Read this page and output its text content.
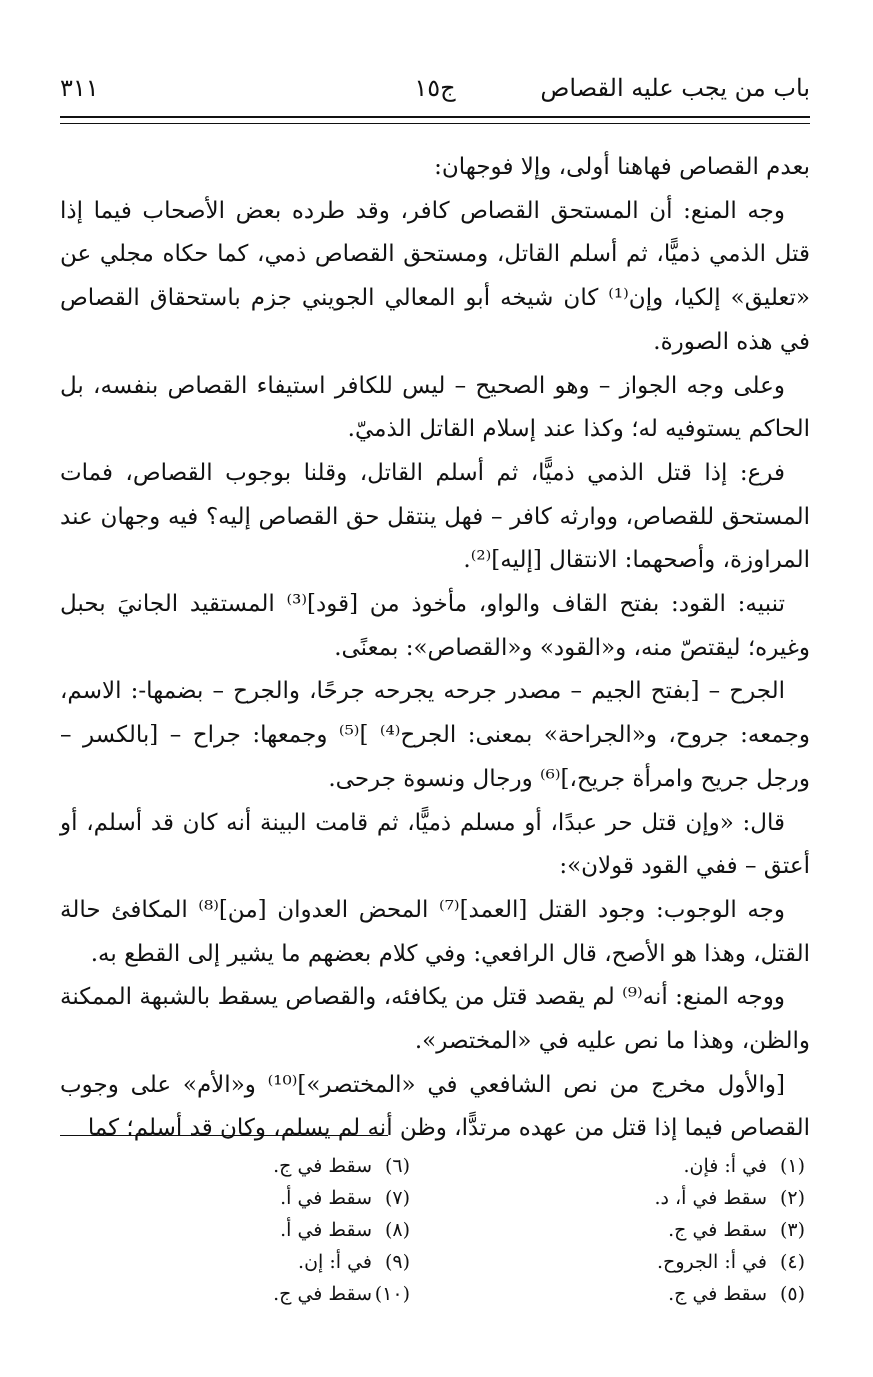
باب من يجب عليه القصاص
ج١٥
٣١١

بعدم القصاص فهاهنا أولى، وإلا فوجهان:

وجه المنع: أن المستحق القصاص كافر، وقد طرده بعض الأصحاب فيما إذا قتل الذمي ذميًّا، ثم أسلم القاتل، ومستحق القصاص ذمي، كما حكاه مجلي عن «تعليق» إلكيا، وإن⁽¹⁾ كان شيخه أبو المعالي الجويني جزم باستحقاق القصاص في هذه الصورة.

وعلى وجه الجواز – وهو الصحيح – ليس للكافر استيفاء القصاص بنفسه، بل الحاكم يستوفيه له؛ وكذا عند إسلام القاتل الذميّ.

فرع: إذا قتل الذمي ذميًّا، ثم أسلم القاتل، وقلنا بوجوب القصاص، فمات المستحق للقصاص، ووارثه كافر – فهل ينتقل حق القصاص إليه؟ فيه وجهان عند المراوزة، وأصحهما: الانتقال [إليه]⁽²⁾.

تنبيه: القود: بفتح القاف والواو، مأخوذ من [قود]⁽³⁾ المستقيد الجانيَ بحبل وغيره؛ ليقتصّ منه، و«القود» و«القصاص»: بمعنًى.

الجرح – [بفتح الجيم – مصدر جرحه يجرحه جرحًا، والجرح – بضمها-: الاسم، وجمعه: جروح، و«الجراحة» بمعنى: الجرح⁽⁴⁾ ]⁽⁵⁾ وجمعها: جراح – [بالكسر – ورجل جريح وامرأة جريح،]⁽⁶⁾ ورجال ونسوة جرحى.

قال: «وإن قتل حر عبدًا، أو مسلم ذميًّا، ثم قامت البينة أنه كان قد أسلم، أو أعتق – ففي القود قولان»:

وجه الوجوب: وجود القتل [العمد]⁽⁷⁾ المحض العدوان [من]⁽⁸⁾ المكافئ حالة القتل، وهذا هو الأصح، قال الرافعي: وفي كلام بعضهم ما يشير إلى القطع به.

ووجه المنع: أنه⁽⁹⁾ لم يقصد قتل من يكافئه، والقصاص يسقط بالشبهة الممكنة والظن، وهذا ما نص عليه في «المختصر».

[والأول مخرج من نص الشافعي في «المختصر»]⁽¹⁰⁾ و«الأم» على وجوب القصاص فيما إذا قتل من عهده مرتدًّا، وظن أنه لم يسلم، وكان قد أسلم؛ كما

(١)في أ: فإن.
(٢)سقط في أ، د.
(٣)سقط في ج.
(٤)في أ: الجروح.
(٥)سقط في ج.
(٦)سقط في ج.
(٧)سقط في أ.
(٨)سقط في أ.
(٩)في أ: إن.
(١٠)سقط في ج.
